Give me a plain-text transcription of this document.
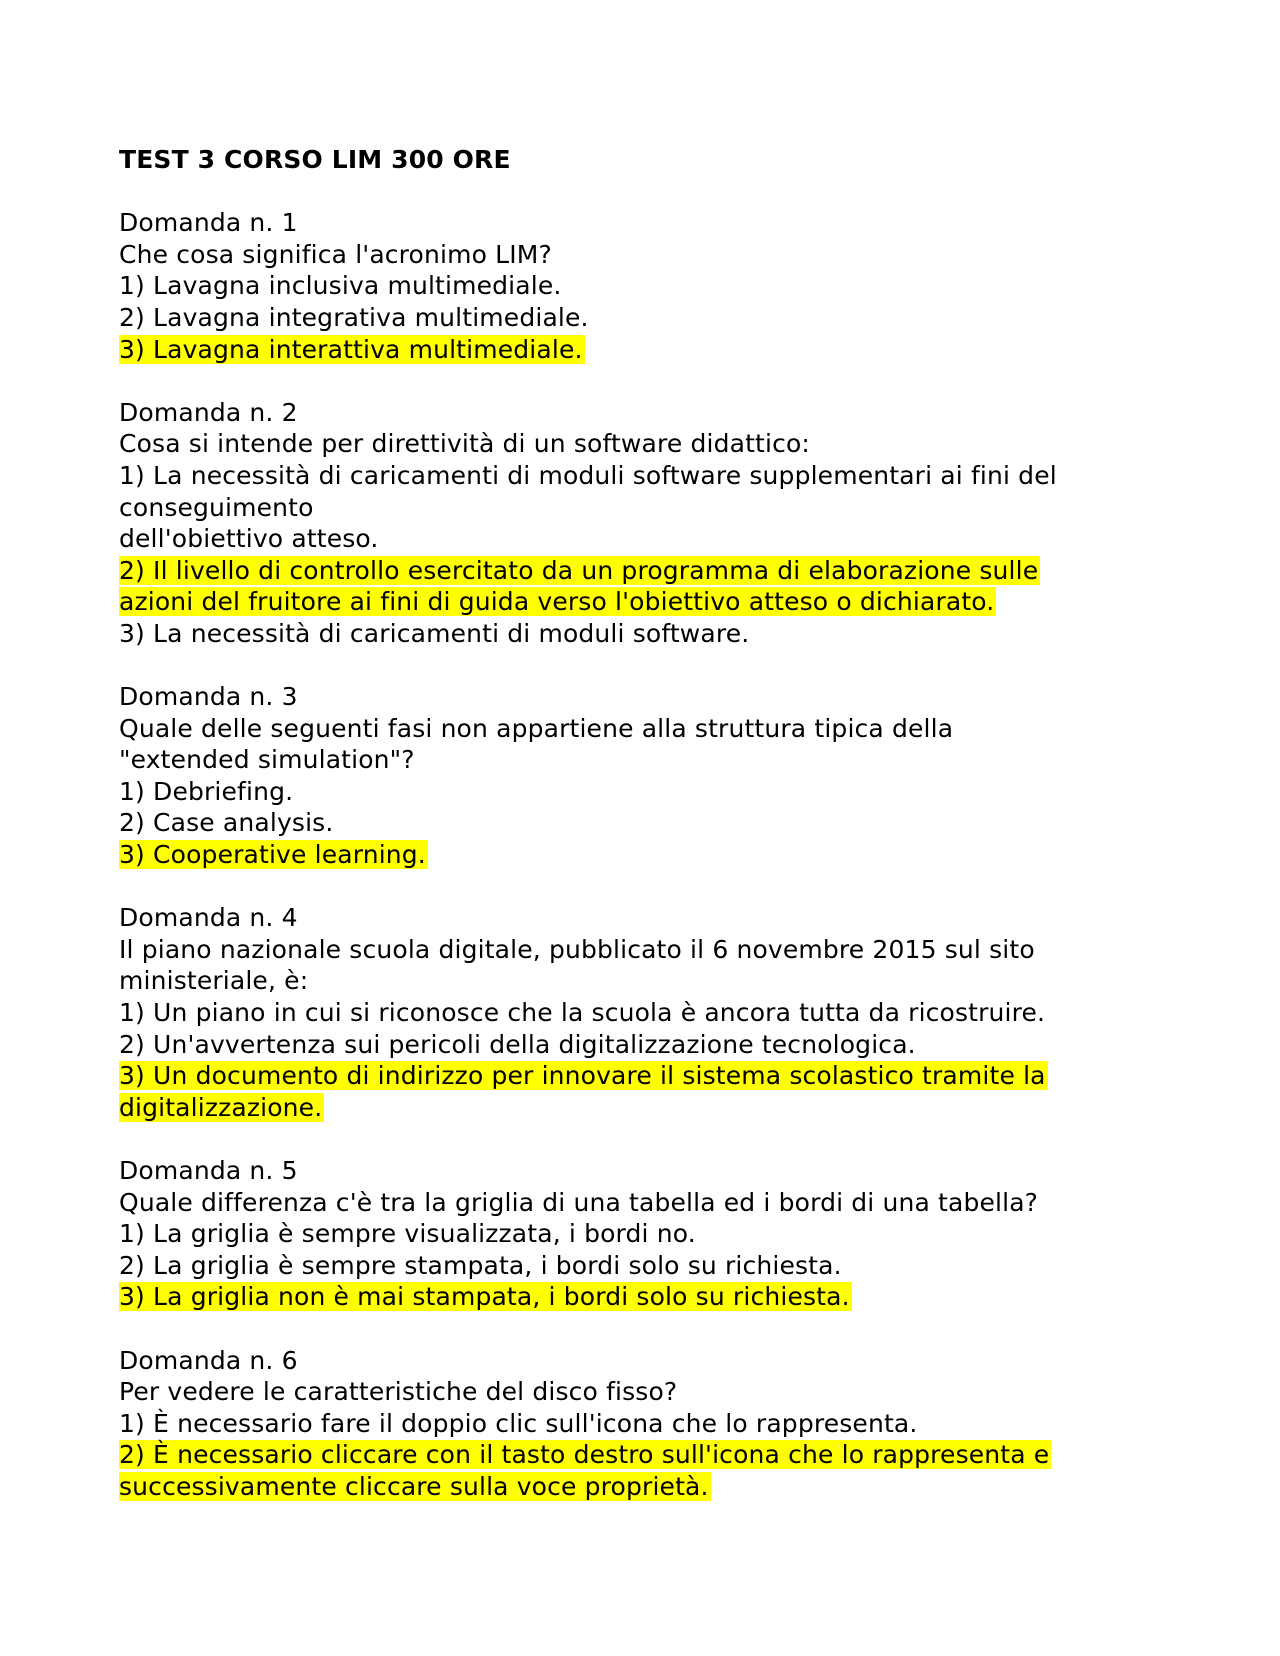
TEST 3 CORSO LIM 300 ORE
Domanda n. 1
Che cosa significa l'acronimo LIM?
1) Lavagna inclusiva multimediale.
2) Lavagna integrativa multimediale.
3) Lavagna interattiva multimediale.
Domanda n. 2
Cosa si intende per direttività di un software didattico:
1) La necessità di caricamenti di moduli software supplementari ai fini del
conseguimento
dell'obiettivo atteso.
2) Il livello di controllo esercitato da un programma di elaborazione sulle
azioni del fruitore ai fini di guida verso l'obiettivo atteso o dichiarato.
3) La necessità di caricamenti di moduli software.
Domanda n. 3
Quale delle seguenti fasi non appartiene alla struttura tipica della
"extended simulation"?
1) Debriefing.
2) Case analysis.
3) Cooperative learning.
Domanda n. 4
Il piano nazionale scuola digitale, pubblicato il 6 novembre 2015 sul sito
ministeriale, è:
1) Un piano in cui si riconosce che la scuola è ancora tutta da ricostruire.
2) Un'avvertenza sui pericoli della digitalizzazione tecnologica.
3) Un documento di indirizzo per innovare il sistema scolastico tramite la
digitalizzazione.
Domanda n. 5
Quale differenza c'è tra la griglia di una tabella ed i bordi di una tabella?
1) La griglia è sempre visualizzata, i bordi no.
2) La griglia è sempre stampata, i bordi solo su richiesta.
3) La griglia non è mai stampata, i bordi solo su richiesta.
Domanda n. 6
Per vedere le caratteristiche del disco fisso?
1) È necessario fare il doppio clic sull'icona che lo rappresenta.
2) È necessario cliccare con il tasto destro sull'icona che lo rappresenta e
successivamente cliccare sulla voce proprietà.
